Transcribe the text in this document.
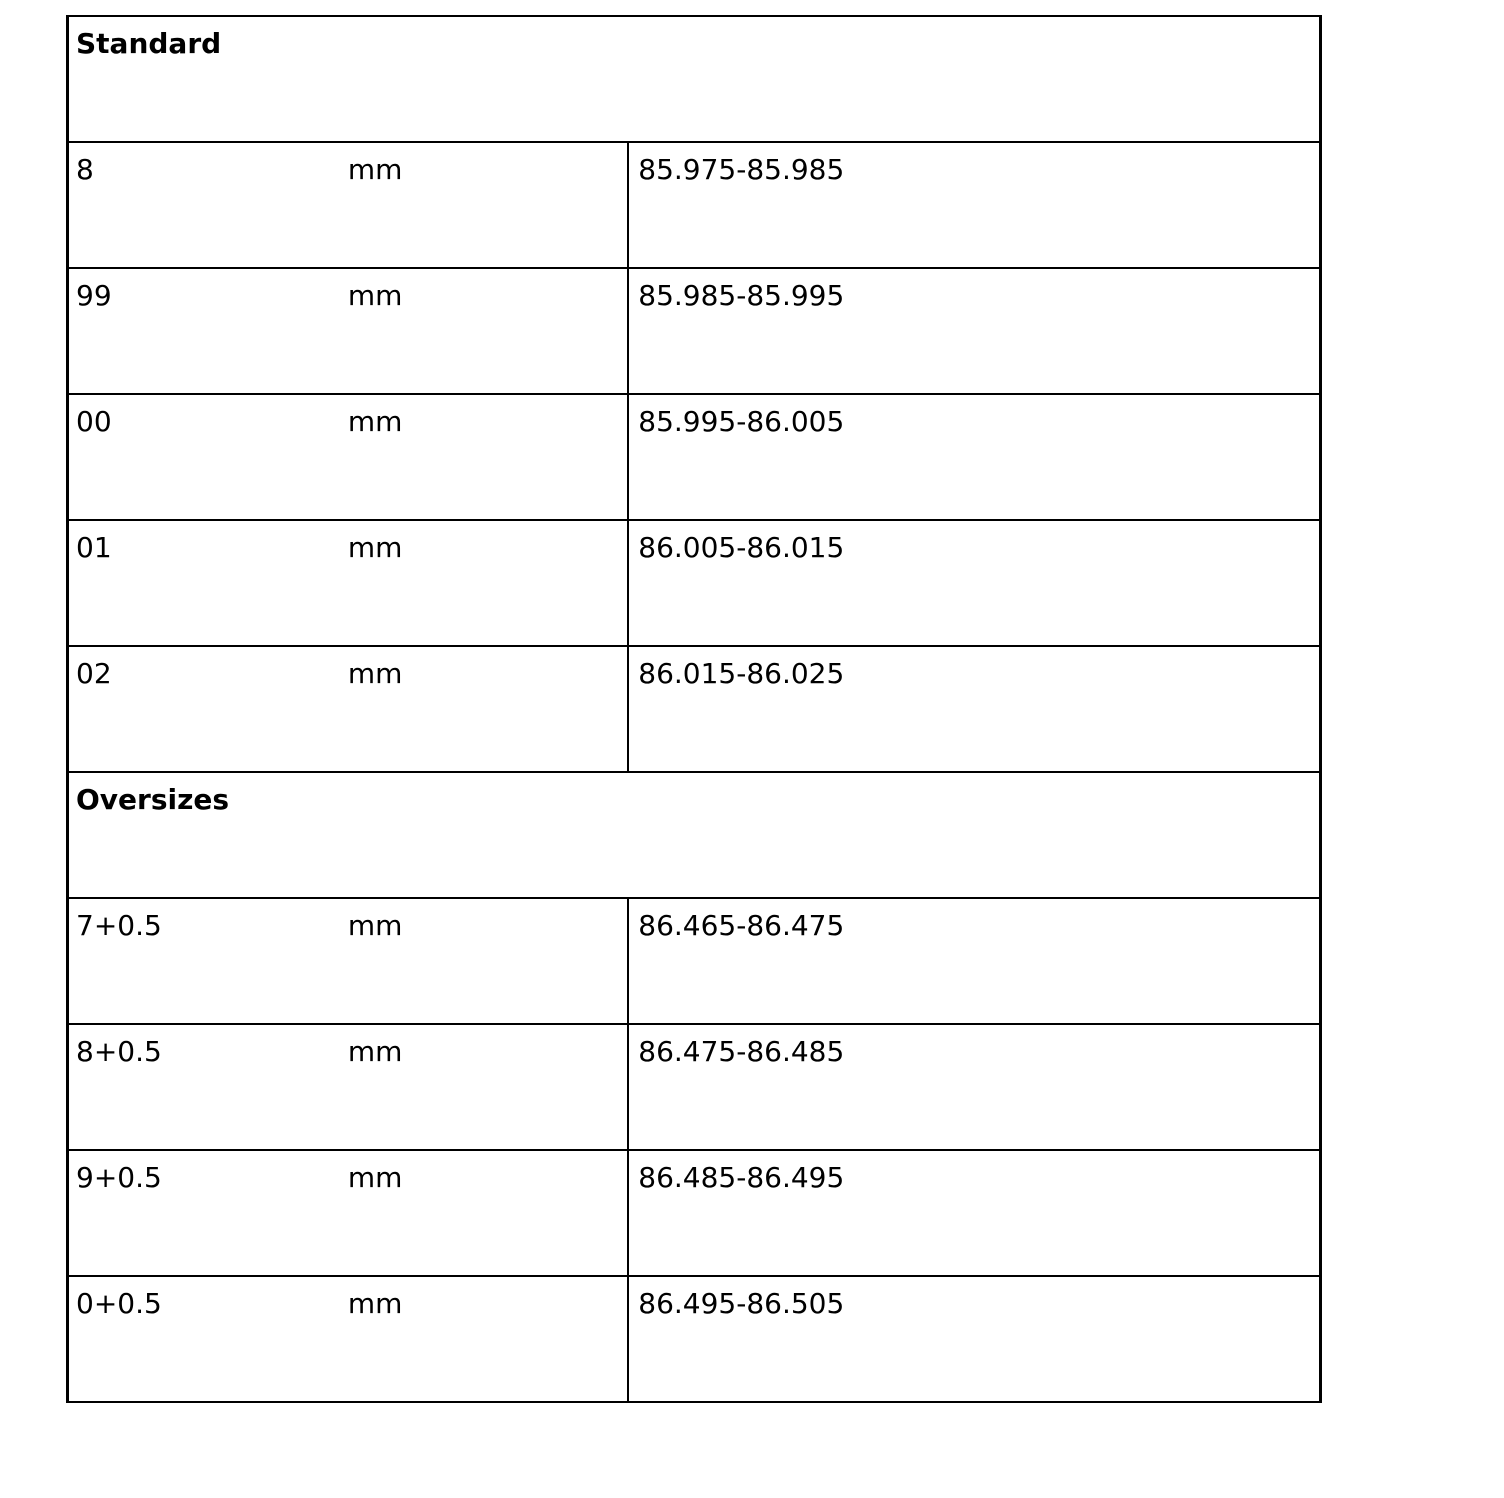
Standard		
8	mm	85.975-85.985
99	mm	85.985-85.995
00	mm	85.995-86.005
01	mm	86.005-86.015
02	mm	86.015-86.025
Oversizes		
7+0.5	mm	86.465-86.475
8+0.5	mm	86.475-86.485
9+0.5	mm	86.485-86.495
0+0.5	mm	86.495-86.505
